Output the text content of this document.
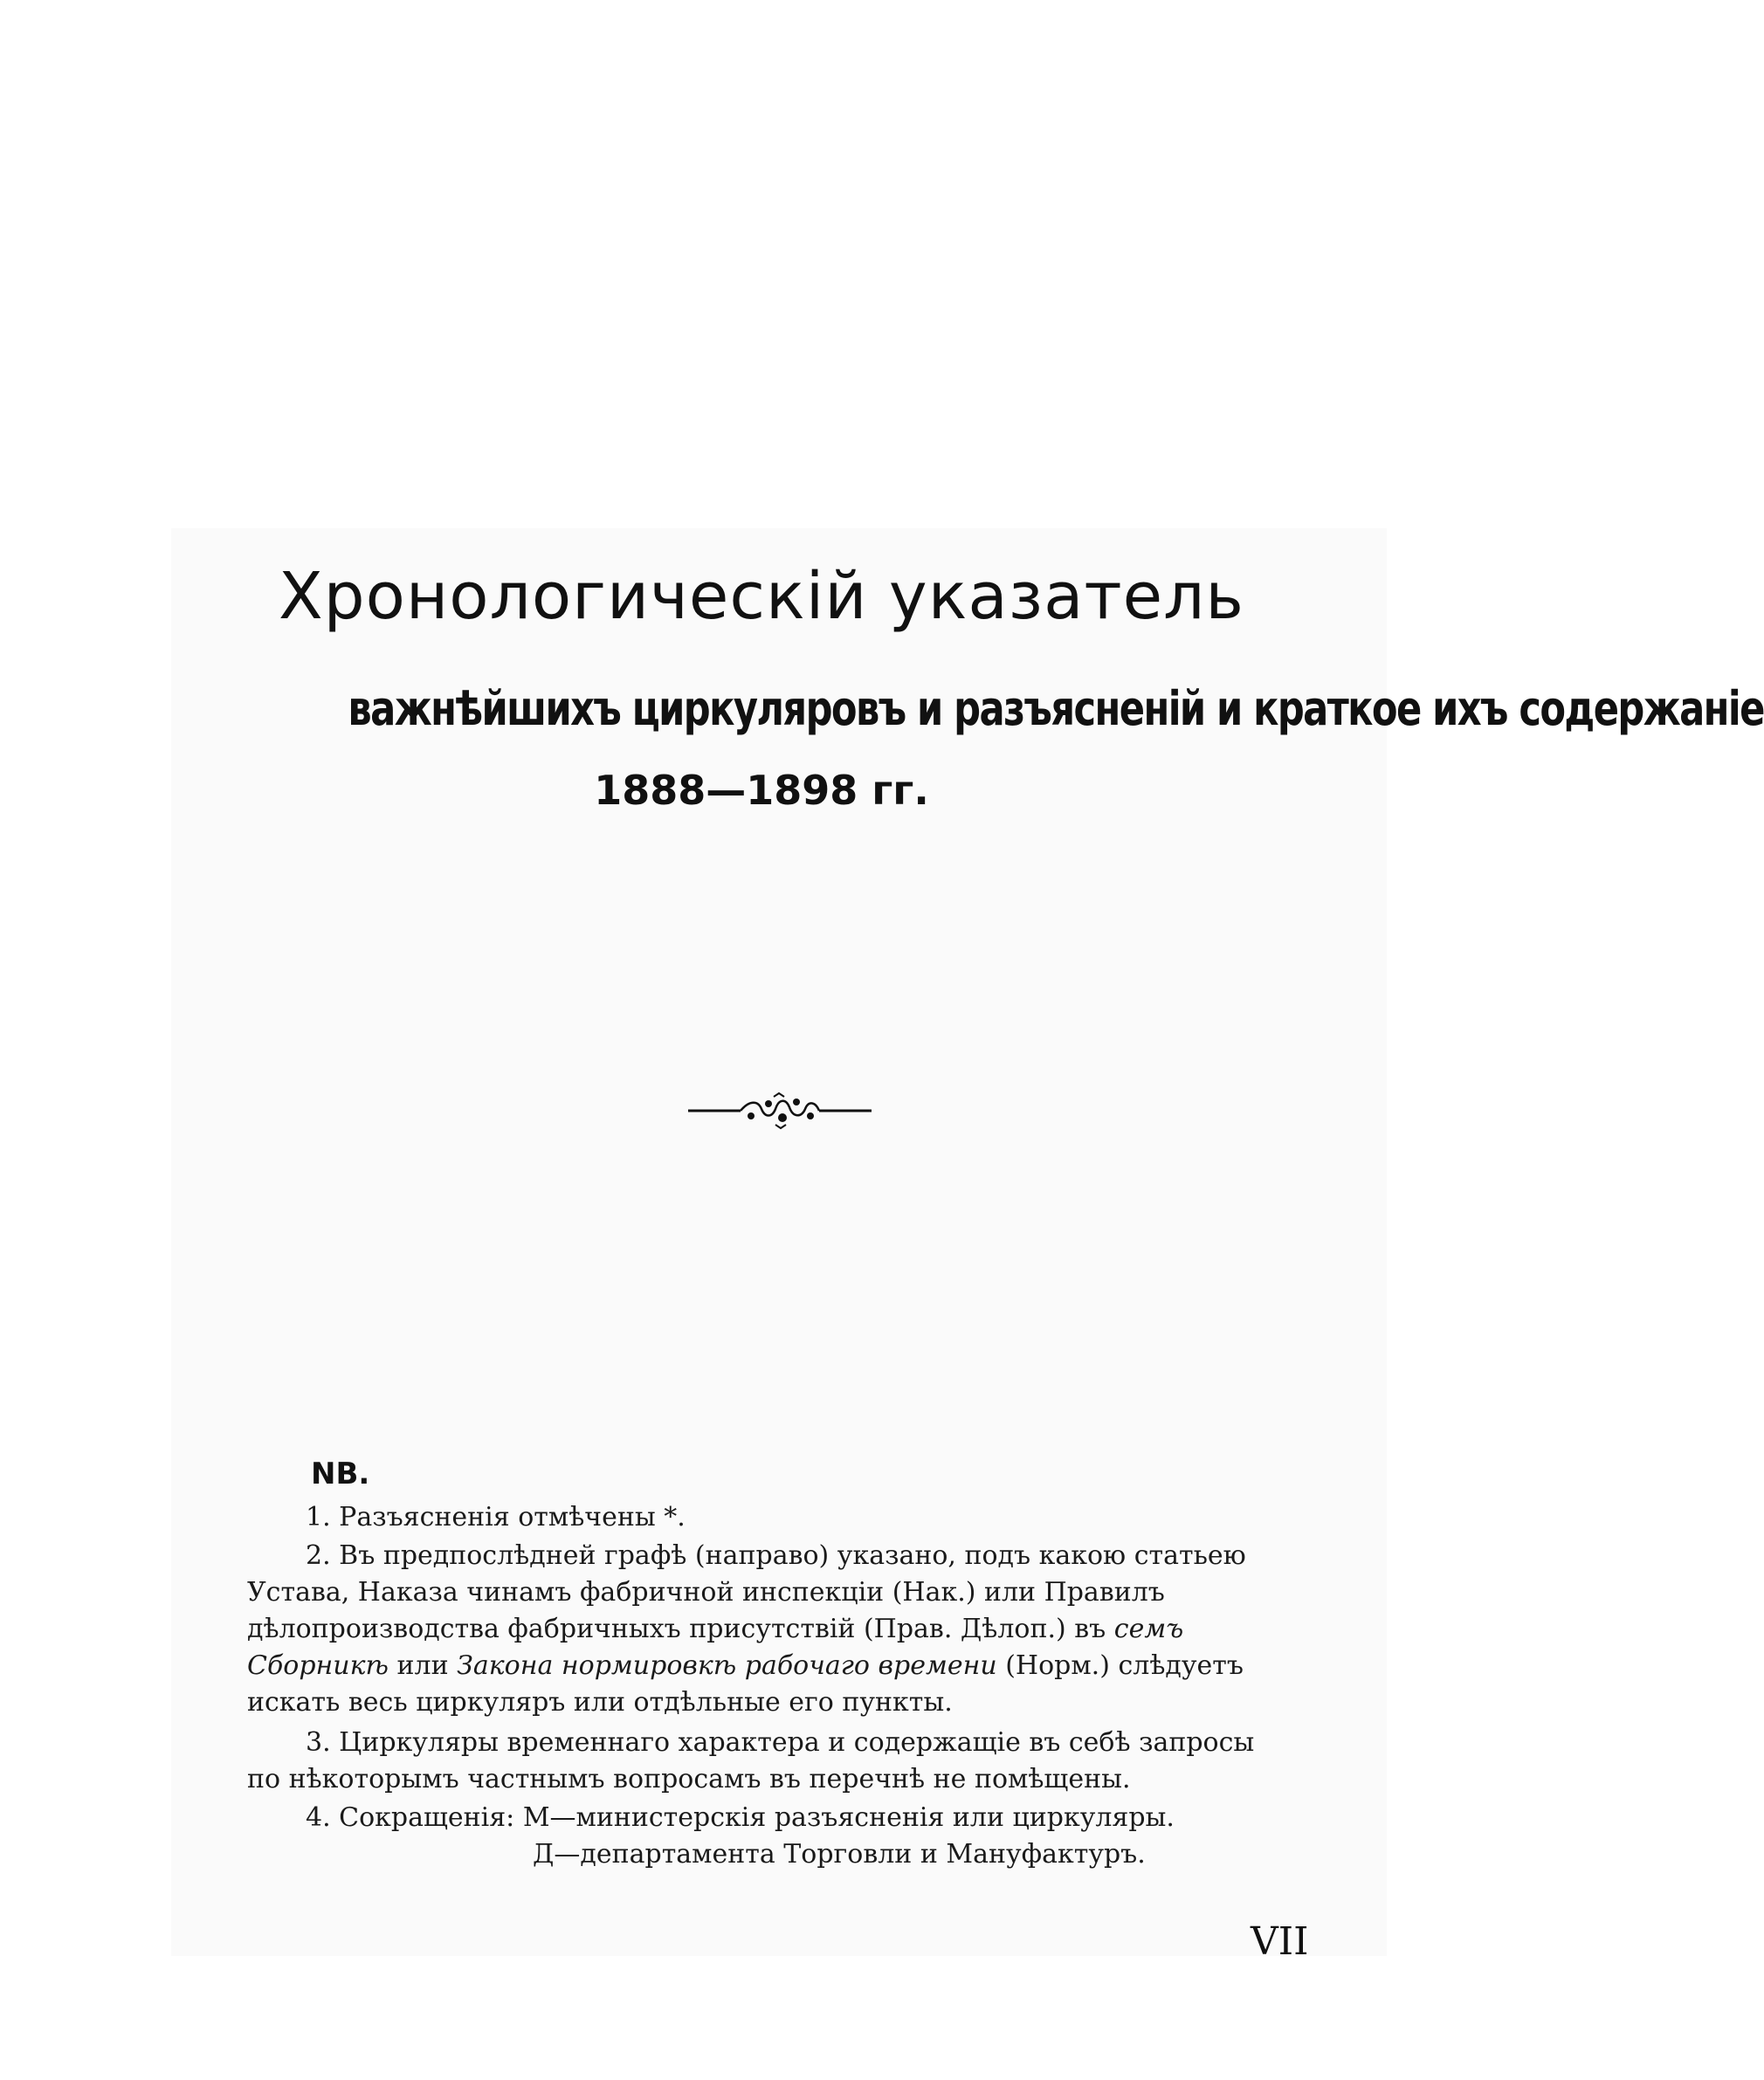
Хронологическій указатель
важнѣйшихъ циркуляровъ и разъясненій и краткое ихъ содержаніе
1888—1898 гг.
NB.
1. Разъясненія отмѣчены *.
2. Въ предпослѣдней графѣ (направо) указано, подъ какою статьею
Устава, Наказа чинамъ фабричной инспекціи (Нак.) или Правилъ
дѣлопроизводства фабричныхъ присутствій (Прав. Дѣлоп.) въ семъ
Сборникѣ или Закона нормировкѣ рабочаго времени (Норм.) слѣдуетъ
искать весь циркуляръ или отдѣльные его пункты.
3. Циркуляры временнаго характера и содержащіе въ себѣ запросы
по нѣкоторымъ частнымъ вопросамъ въ перечнѣ не помѣщены.
4. Сокращенія: М—министерскія разъясненія или циркуляры.
Д—департамента Торговли и Мануфактуръ.
VII
